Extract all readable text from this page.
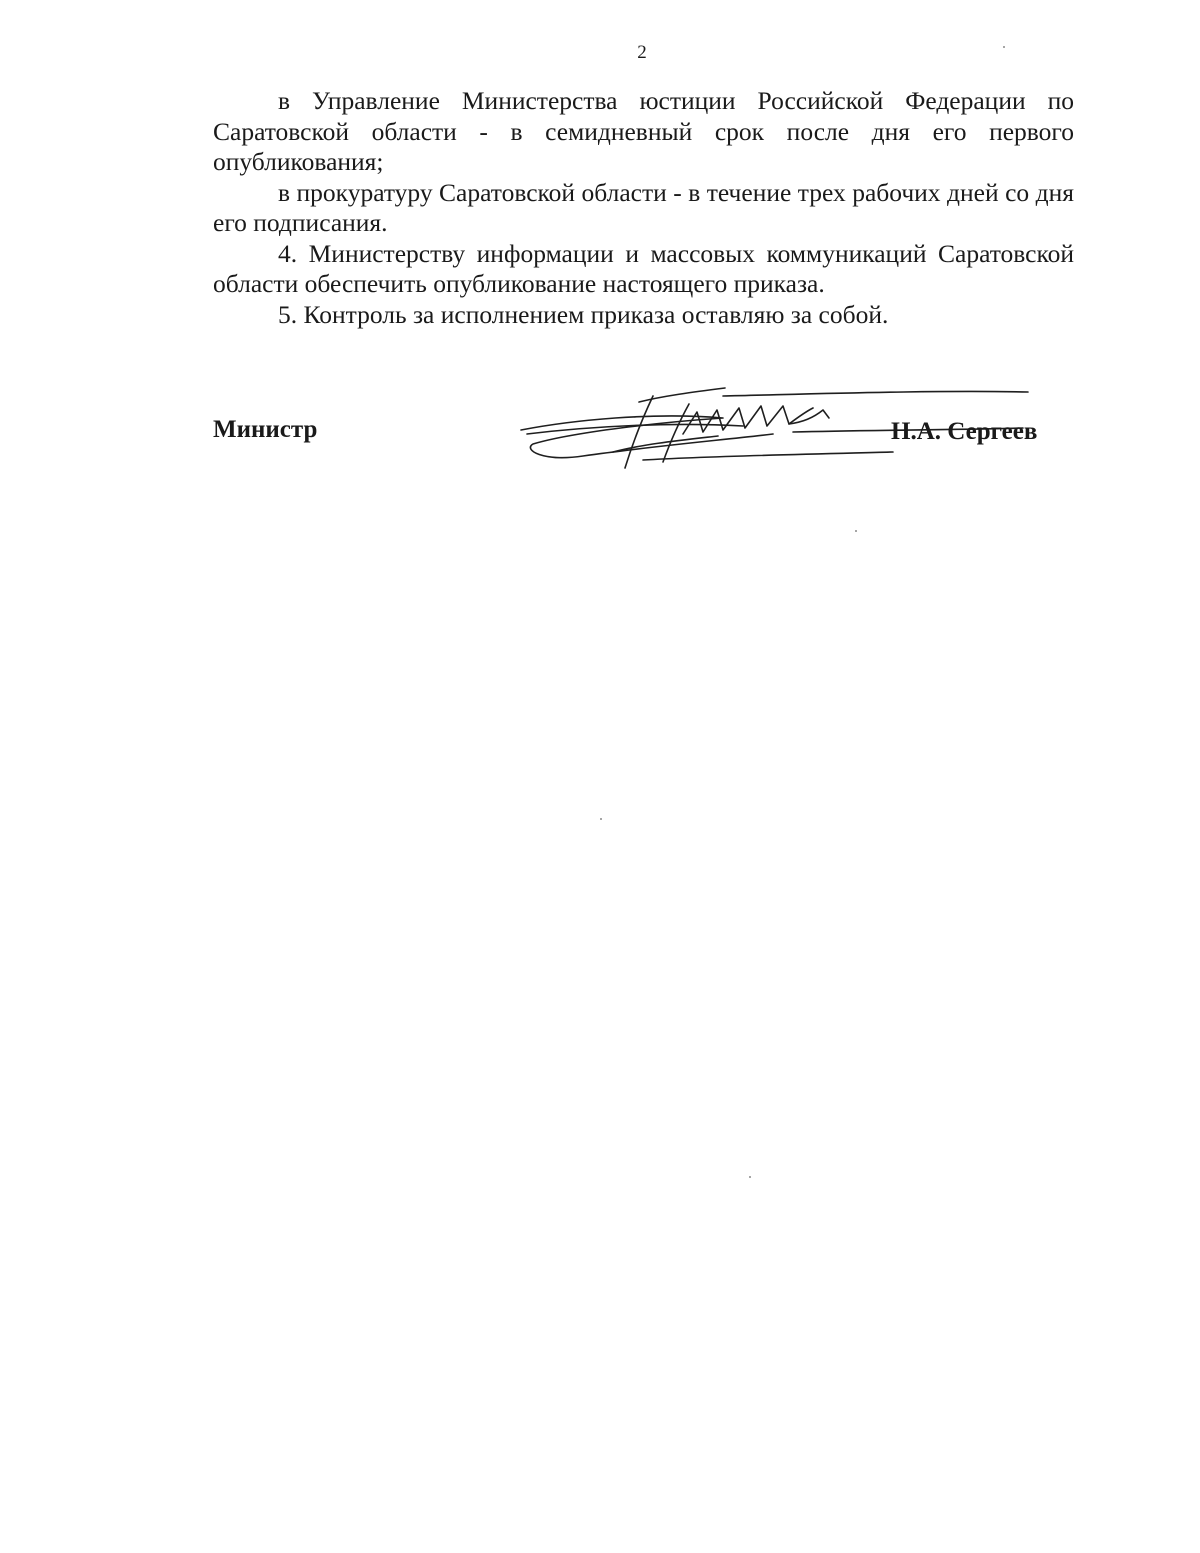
2

в Управление Министерства юстиции Российской Федерации по Саратовской области - в семидневный срок после дня его первого опубликования;

в прокуратуру Саратовской области - в течение трех рабочих дней со дня его подписания.

4. Министерству информации и массовых коммуникаций Саратовской области обеспечить опубликование настоящего приказа.

5. Контроль за исполнением приказа оставляю за собой.

Министр	Н.А. Сергеев
